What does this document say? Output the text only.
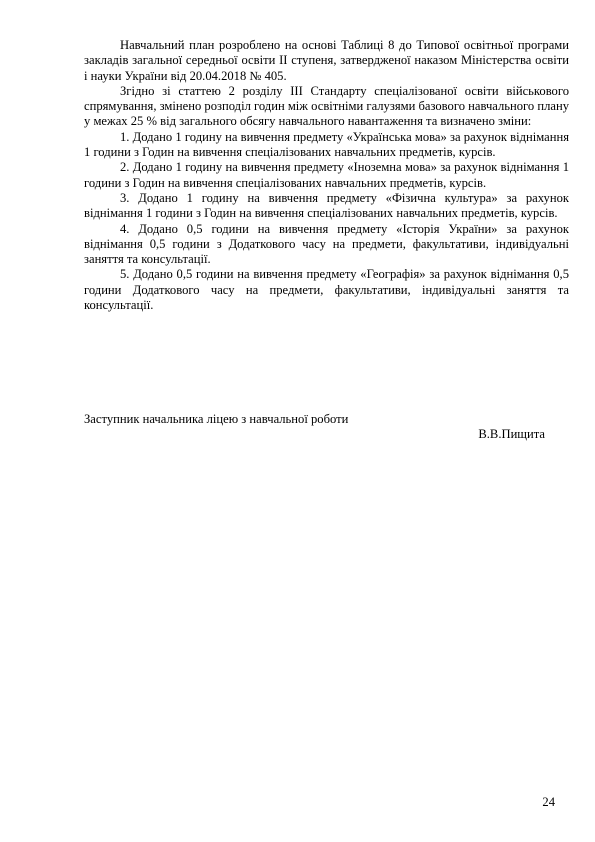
Навчальний план розроблено на основі Таблиці 8 до Типової освітньої програми закладів загальної середньої освіти ІІ ступеня, затвердженої наказом Міністерства освіти і науки України від 20.04.2018 № 405.

Згідно зі статтею 2 розділу ІІІ Стандарту спеціалізованої освіти військового спрямування, змінено розподіл годин між освітніми галузями базового навчального плану у межах 25 % від загального обсягу навчального навантаження та визначено зміни:

1. Додано 1 годину на вивчення предмету «Українська мова» за рахунок віднімання 1 години з Годин на вивчення спеціалізованих навчальних предметів, курсів.

2. Додано 1 годину на вивчення предмету «Іноземна мова» за рахунок віднімання 1 години з Годин на вивчення спеціалізованих навчальних предметів, курсів.

3. Додано 1 годину на вивчення предмету «Фізична культура» за рахунок віднімання 1 години з Годин на вивчення спеціалізованих навчальних предметів, курсів.

4. Додано 0,5 години на вивчення предмету «Історія України» за рахунок віднімання 0,5 години з Додаткового часу на предмети, факультативи, індивідуальні заняття та консультації.

5. Додано 0,5 години на вивчення предмету «Географія» за рахунок віднімання 0,5 години Додаткового часу на предмети, факультативи, індивідуальні заняття та консультації.

Заступник начальника ліцею з навчальної роботи

В.В.Пищита

24
